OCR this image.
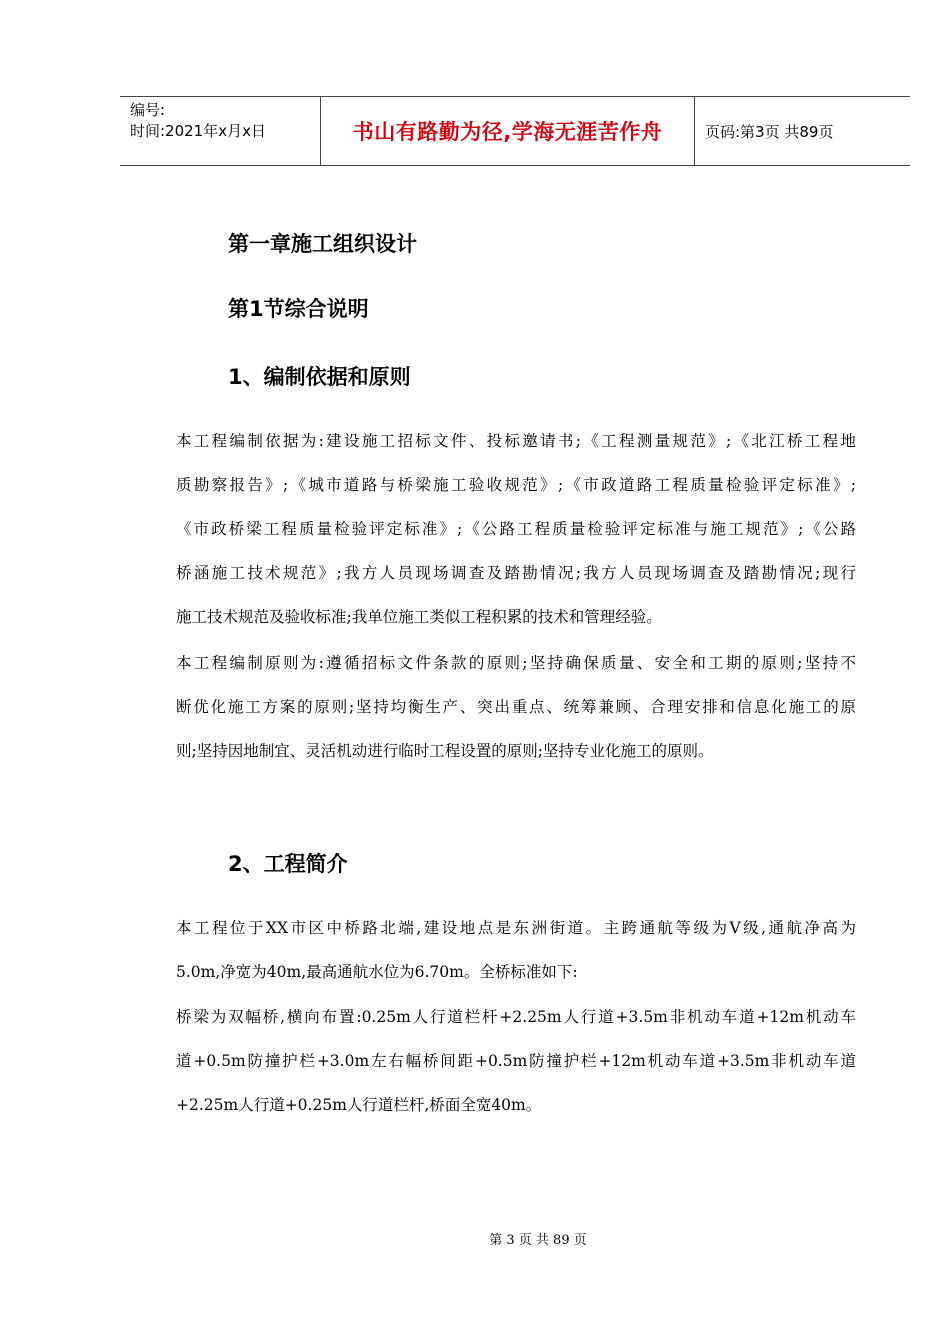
编号:
时间:2021年x月x日	书山有路勤为径,学海无涯苦作舟	页码:第3页 共89页
第一章施工组织设计
第1节综合说明
1、编制依据和原则
本工程编制依据为:建设施工招标文件、投标邀请书;《工程测量规范》;《北江桥工程地
质勘察报告》;《城市道路与桥梁施工验收规范》;《市政道路工程质量检验评定标准》;
《市政桥梁工程质量检验评定标准》;《公路工程质量检验评定标准与施工规范》;《公路
桥涵施工技术规范》;我方人员现场调查及踏勘情况;我方人员现场调查及踏勘情况;现行
施工技术规范及验收标准;我单位施工类似工程积累的技术和管理经验。
本工程编制原则为:遵循招标文件条款的原则;坚持确保质量、安全和工期的原则;坚持不
断优化施工方案的原则;坚持均衡生产、突出重点、统筹兼顾、合理安排和信息化施工的原
则;坚持因地制宜、灵活机动进行临时工程设置的原则;坚持专业化施工的原则。
2、工程简介
本工程位于XX市区中桥路北端,建设地点是东洲街道。主跨通航等级为V级,通航净高为
5.0m,净宽为40m,最高通航水位为6.70m。全桥标准如下:
桥梁为双幅桥,横向布置:0.25m人行道栏杆+2.25m人行道+3.5m非机动车道+12m机动车
道+0.5m防撞护栏+3.0m左右幅桥间距+0.5m防撞护栏+12m机动车道+3.5m非机动车道
+2.25m人行道+0.25m人行道栏杆,桥面全宽40m。
第 3 页 共 89 页
